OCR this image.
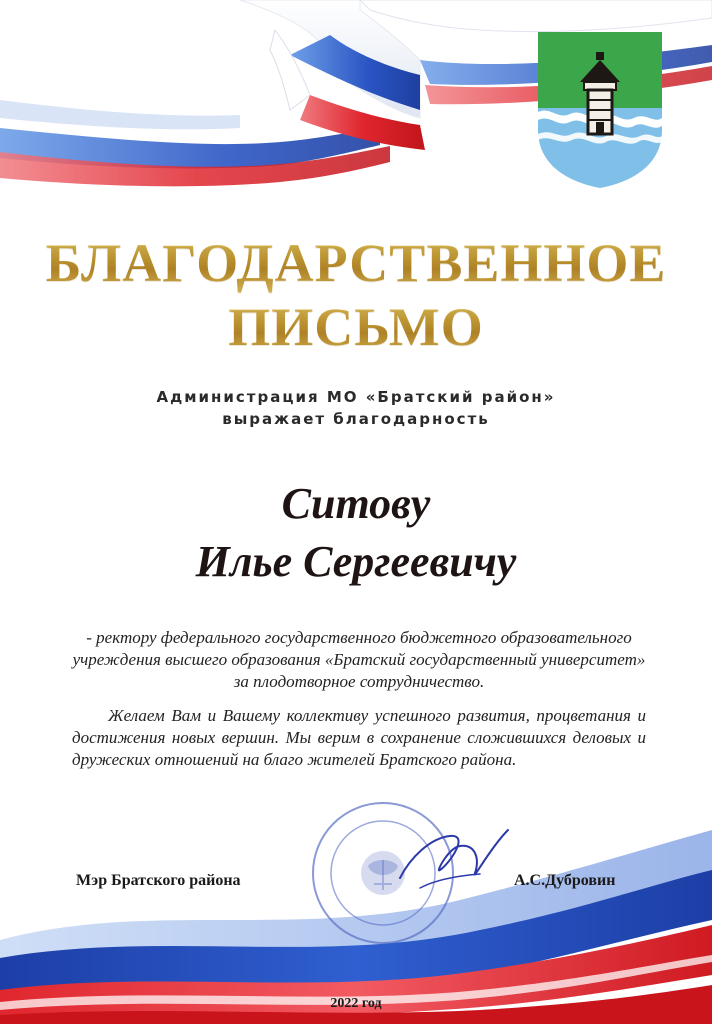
БЛАГОДАРСТВЕННОЕ
ПИСЬМО
Администрация МО «Братский район»
выражает благодарность
Ситову
Илье Сергеевичу
- ректору федерального государственного бюджетного образовательного учреждения высшего образования «Братский государственный университет» за плодотворное сотрудничество.
Желаем Вам и Вашему коллективу успешного развития, процветания и достижения новых вершин. Мы верим в сохранение сложившихся деловых и дружеских отношений на благо жителей Братского района.
Мэр Братского района	А.С.Дубровин
2022 год
